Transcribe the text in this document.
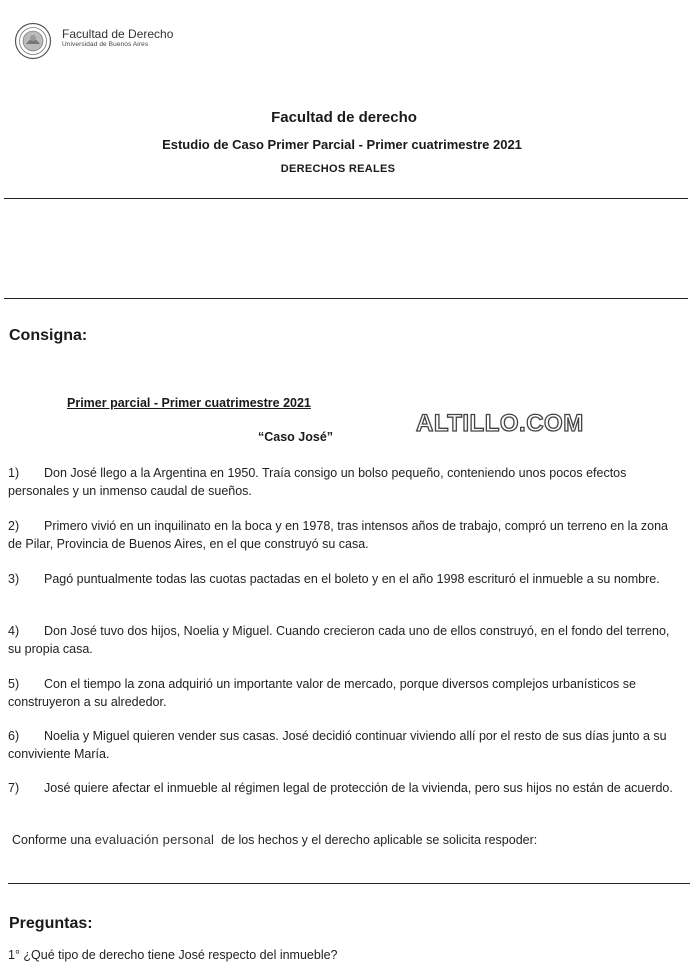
Facultad de Derecho
Universidad de Buenos Aires
Facultad de derecho
Estudio de Caso Primer Parcial - Primer cuatrimestre 2021
DERECHOS REALES
Consigna:
Primer parcial - Primer cuatrimestre 2021
ALTILLO.COM
“Caso José”
1) Don José llego a la Argentina en 1950. Traía consigo un bolso pequeño, conteniendo unos pocos efectos personales y un inmenso caudal de sueños.
2) Primero vivió en un inquilinato en la boca y en 1978, tras intensos años de trabajo, compró un terreno en la zona de Pilar, Provincia de Buenos Aires, en el que construyó su casa.
3) Pagó puntualmente todas las cuotas pactadas en el boleto y en el año 1998 escrituró el inmueble a su nombre.
4) Don José tuvo dos hijos, Noelia y Miguel. Cuando crecieron cada uno de ellos construyó, en el fondo del terreno, su propia casa.
5) Con el tiempo la zona adquirió un importante valor de mercado, porque diversos complejos urbanísticos se construyeron a su alrededor.
6) Noelia y Miguel quieren vender sus casas. José decidió continuar viviendo allí por el resto de sus días junto a su conviviente María.
7) José quiere afectar el inmueble al régimen legal de protección de la vivienda, pero sus hijos no están de acuerdo.
Conforme una evaluación personal  de los hechos y el derecho aplicable se solicita respoder:
Preguntas:
1° ¿Qué tipo de derecho tiene José respecto del inmueble?
